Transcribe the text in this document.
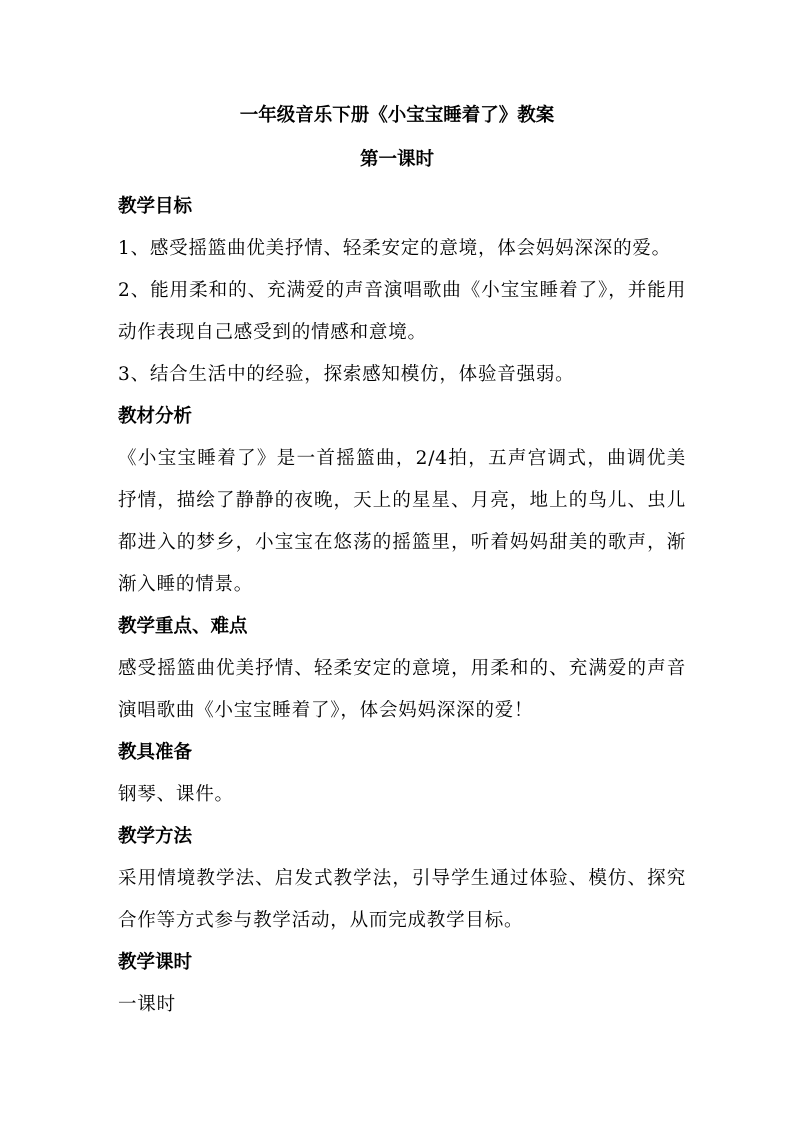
一年级音乐下册《小宝宝睡着了》教案
第一课时

教学目标

1、感受摇篮曲优美抒情、轻柔安定的意境，体会妈妈深深的爱。

2、能用柔和的、充满爱的声音演唱歌曲《小宝宝睡着了》，并能用动作表现自己感受到的情感和意境。

3、结合生活中的经验，探索感知模仿，体验音强弱。

教材分析

《小宝宝睡着了》是一首摇篮曲，2/4拍，五声宫调式，曲调优美抒情，描绘了静静的夜晚，天上的星星、月亮，地上的鸟儿、虫儿都进入的梦乡，小宝宝在悠荡的摇篮里，听着妈妈甜美的歌声，渐渐入睡的情景。

教学重点、难点

感受摇篮曲优美抒情、轻柔安定的意境，用柔和的、充满爱的声音演唱歌曲《小宝宝睡着了》，体会妈妈深深的爱！

教具准备

钢琴、课件。

教学方法

采用情境教学法、启发式教学法，引导学生通过体验、模仿、探究合作等方式参与教学活动，从而完成教学目标。

教学课时

一课时
